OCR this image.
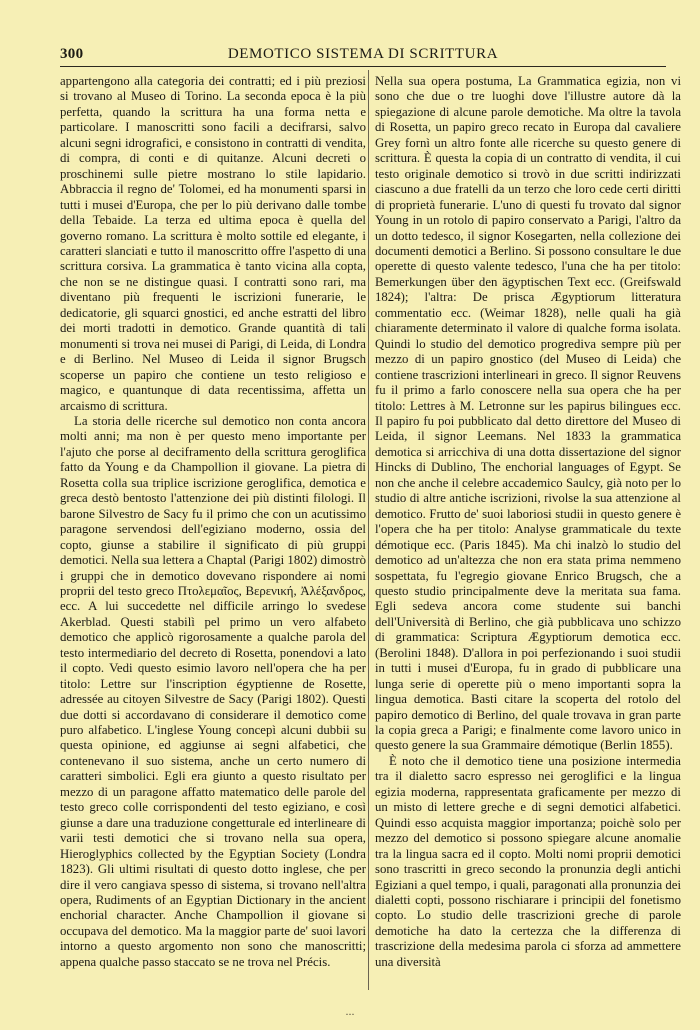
300	DEMOTICO SISTEMA DI SCRITTURA

appartengono alla categoria dei contratti; ed i più preziosi si trovano al Museo di Torino. La seconda epoca è la più perfetta, quando la scrittura ha una forma netta e particolare. I manoscritti sono facili a decifrarsi, salvo alcuni segni idrografici, e consistono in contratti di vendita, di compra, di conti e di quitanze. Alcuni decreti o proschinemi sulle pietre mostrano lo stile lapidario. Abbraccia il regno de' Tolomei, ed ha monumenti sparsi in tutti i musei d'Europa, che per lo più derivano dalle tombe della Tebaide. La terza ed ultima epoca è quella del governo romano. La scrittura è molto sottile ed elegante, i caratteri slanciati e tutto il manoscritto offre l'aspetto di una scrittura corsiva. La grammatica è tanto vicina alla copta, che non se ne distingue quasi. I contratti sono rari, ma diventano più frequenti le iscrizioni funerarie, le dedicatorie, gli squarci gnostici, ed anche estratti del libro dei morti tradotti in demotico. Grande quantità di tali monumenti si trova nei musei di Parigi, di Leida, di Londra e di Berlino. Nel Museo di Leida il signor Brugsch scoperse un papiro che contiene un testo religioso e magico, e quantunque di data recentissima, affetta un arcaismo di scrittura.

La storia delle ricerche sul demotico non conta ancora molti anni; ma non è per questo meno importante per l'ajuto che porse al deciframento della scrittura geroglifica fatto da Young e da Champollion il giovane. La pietra di Rosetta colla sua triplice iscrizione geroglifica, demotica e greca destò bentosto l'attenzione dei più distinti filologi. Il barone Silvestro de Sacy fu il primo che con un acutissimo paragone servendosi dell'egiziano moderno, ossia del copto, giunse a stabilire il significato di più gruppi demotici. Nella sua lettera a Chaptal (Parigi 1802) dimostrò i gruppi che in demotico dovevano rispondere ai nomi proprii del testo greco Πτολεμαῖος, Βερενική, Ἀλέξανδρος, ecc. A lui succedette nel difficile arringo lo svedese Akerblad. Questi stabilì pel primo un vero alfabeto demotico che applicò rigorosamente a qualche parola del testo intermediario del decreto di Rosetta, ponendovi a lato il copto. Vedi questo esimio lavoro nell'opera che ha per titolo: Lettre sur l'inscription égyptienne de Rosette, adressée au citoyen Silvestre de Sacy (Parigi 1802). Questi due dotti si accordavano di considerare il demotico come puro alfabetico. L'inglese Young concepì alcuni dubbii su questa opinione, ed aggiunse ai segni alfabetici, che contenevano il suo sistema, anche un certo numero di caratteri simbolici. Egli era giunto a questo risultato per mezzo di un paragone affatto matematico delle parole del testo greco colle corrispondenti del testo egiziano, e così giunse a dare una traduzione congetturale ed interlineare di varii testi demotici che si trovano nella sua opera, Hieroglyphics collected by the Egyptian Society (Londra 1823). Gli ultimi risultati di questo dotto inglese, che per dire il vero cangiava spesso di sistema, si trovano nell'altra opera, Rudiments of an Egyptian Dictionary in the ancient enchorial character. Anche Champollion il giovane si occupava del demotico. Ma la maggior parte de' suoi lavori intorno a questo argomento non sono che manoscritti; appena qualche passo staccato se ne trova nel Précis.

Nella sua opera postuma, La Grammatica egizia, non vi sono che due o tre luoghi dove l'illustre autore dà la spiegazione di alcune parole demotiche. Ma oltre la tavola di Rosetta, un papiro greco recato in Europa dal cavaliere Grey fornì un altro fonte alle ricerche su questo genere di scrittura. È questa la copia di un contratto di vendita, il cui testo originale demotico si trovò in due scritti indirizzati ciascuno a due fratelli da un terzo che loro cede certi diritti di proprietà funerarie. L'uno di questi fu trovato dal signor Young in un rotolo di papiro conservato a Parigi, l'altro da un dotto tedesco, il signor Kosegarten, nella collezione dei documenti demotici a Berlino. Si possono consultare le due operette di questo valente tedesco, l'una che ha per titolo: Bemerkungen über den ägyptischen Text ecc. (Greifswald 1824); l'altra: De prisca Ægyptiorum litteratura commentatio ecc. (Weimar 1828), nelle quali ha già chiaramente determinato il valore di qualche forma isolata. Quindi lo studio del demotico progrediva sempre più per mezzo di un papiro gnostico (del Museo di Leida) che contiene trascrizioni interlineari in greco. Il signor Reuvens fu il primo a farlo conoscere nella sua opera che ha per titolo: Lettres à M. Letronne sur les papirus bilingues ecc. Il papiro fu poi pubblicato dal detto direttore del Museo di Leida, il signor Leemans. Nel 1833 la grammatica demotica si arricchiva di una dotta dissertazione del signor Hincks di Dublino, The enchorial languages of Egypt. Se non che anche il celebre accademico Saulcy, già noto per lo studio di altre antiche iscrizioni, rivolse la sua attenzione al demotico. Frutto de' suoi laboriosi studii in questo genere è l'opera che ha per titolo: Analyse grammaticale du texte démotique ecc. (Paris 1845). Ma chi inalzò lo studio del demotico ad un'altezza che non era stata prima nemmeno sospettata, fu l'egregio giovane Enrico Brugsch, che a questo studio principalmente deve la meritata sua fama. Egli sedeva ancora come studente sui banchi dell'Università di Berlino, che già pubblicava uno schizzo di grammatica: Scriptura Ægyptiorum demotica ecc. (Berolini 1848). D'allora in poi perfezionando i suoi studii in tutti i musei d'Europa, fu in grado di pubblicare una lunga serie di operette più o meno importanti sopra la lingua demotica. Basti citare la scoperta del rotolo del papiro demotico di Berlino, del quale trovava in gran parte la copia greca a Parigi; e finalmente come lavoro unico in questo genere la sua Grammaire démotique (Berlin 1855).

È noto che il demotico tiene una posizione intermedia tra il dialetto sacro espresso nei geroglifici e la lingua egizia moderna, rappresentata graficamente per mezzo di un misto di lettere greche e di segni demotici alfabetici. Quindi esso acquista maggior importanza; poichè solo per mezzo del demotico si possono spiegare alcune anomalie tra la lingua sacra ed il copto. Molti nomi proprii demotici sono trascritti in greco secondo la pronunzia degli antichi Egiziani a quel tempo, i quali, paragonati alla pronunzia dei dialetti copti, possono rischiarare i principii del fonetismo copto. Lo studio delle trascrizioni greche di parole demotiche ha dato la certezza che la differenza di trascrizione della medesima parola ci sforza ad ammettere una diversità

...
